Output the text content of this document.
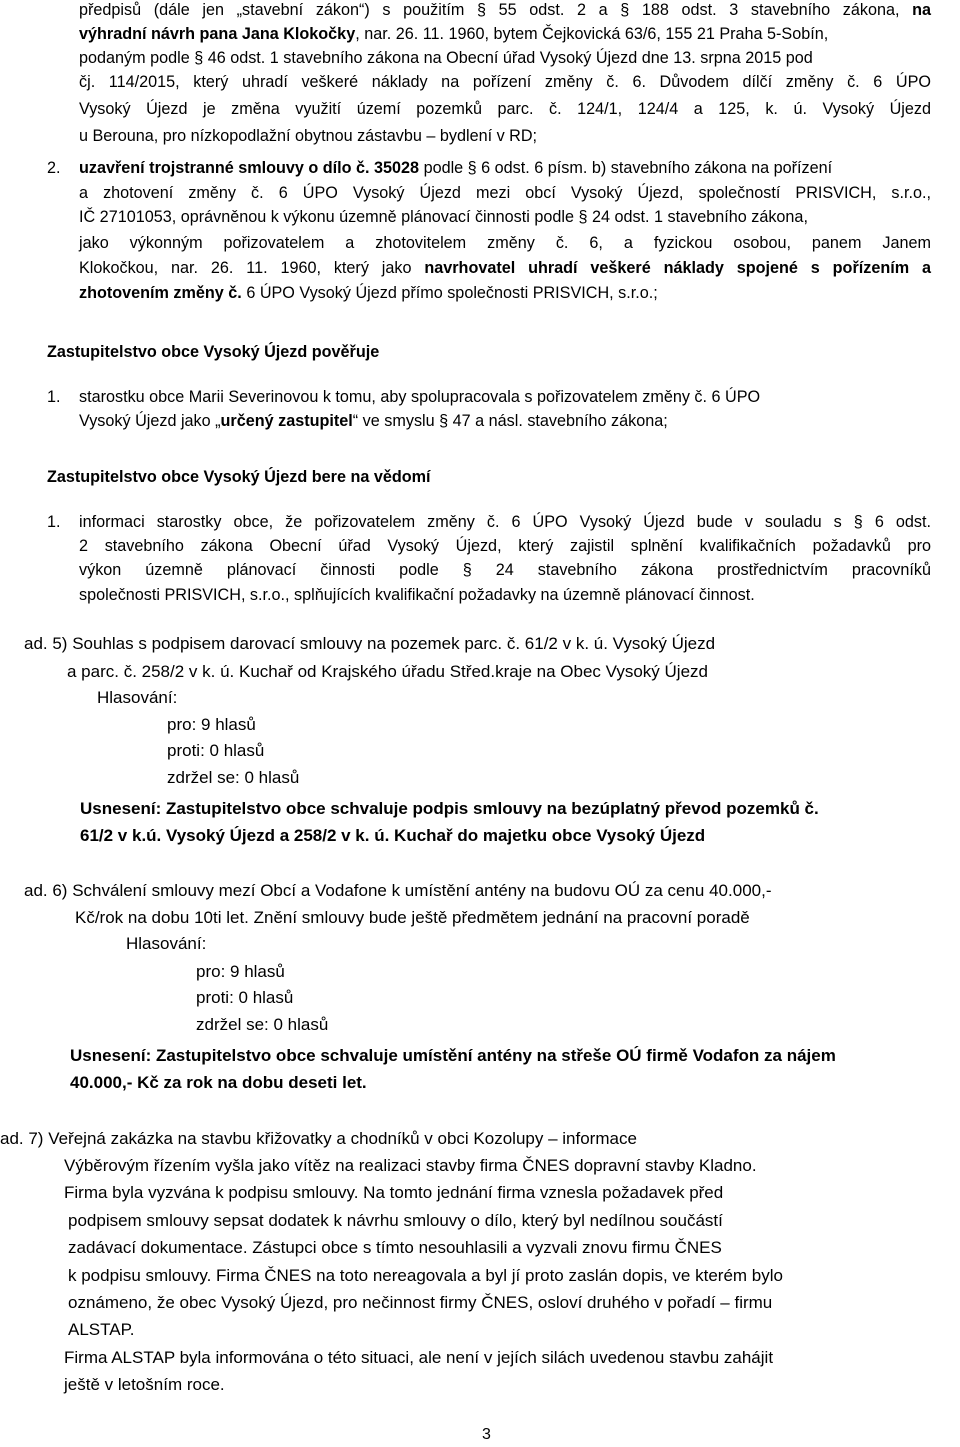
předpisů (dále jen „stavební zákon“) s použitím § 55 odst. 2 a § 188 odst. 3 stavebního zákona, na
výhradní návrh pana Jana Klokočky, nar. 26. 11. 1960, bytem Čejkovická 63/6, 155 21 Praha 5-Sobín,
podaným podle § 46 odst. 1 stavebního zákona na Obecní úřad Vysoký Újezd dne 13. srpna 2015 pod
čj. 114/2015, který uhradí veškeré náklady na pořízení změny č. 6. Důvodem dílčí změny č. 6 ÚPO
Vysoký Újezd je změna využití území pozemků parc. č. 124/1, 124/4 a 125, k. ú. Vysoký Újezd
u Berouna, pro nízkopodlažní obytnou zástavbu – bydlení v RD;
2. uzavření trojstranné smlouvy o dílo č. 35028 podle § 6 odst. 6 písm. b) stavebního zákona na pořízení
a zhotovení změny č. 6 ÚPO Vysoký Újezd mezi obcí Vysoký Újezd, společností PRISVICH, s.r.o.,
IČ 27101053, oprávněnou k výkonu územně plánovací činnosti podle § 24 odst. 1 stavebního zákona,
jako výkonným pořizovatelem a zhotovitelem změny č. 6, a fyzickou osobou, panem Janem
Klokočkou, nar. 26. 11. 1960, který jako navrhovatel uhradí veškeré náklady spojené s pořízením a
zhotovením změny č. 6 ÚPO Vysoký Újezd přímo společnosti PRISVICH, s.r.o.;
Zastupitelstvo obce Vysoký Újezd pověřuje
1. starostku obce Marii Severinovou k tomu, aby spolupracovala s pořizovatelem změny č. 6 ÚPO
Vysoký Újezd jako „určený zastupitel“ ve smyslu § 47 a násl. stavebního zákona;
Zastupitelstvo obce Vysoký Újezd bere na vědomí
1. informaci starostky obce, že pořizovatelem změny č. 6 ÚPO Vysoký Újezd bude v souladu s § 6 odst.
2 stavebního zákona Obecní úřad Vysoký Újezd, který zajistil splnění kvalifikačních požadavků pro
výkon územně plánovací činnosti podle § 24 stavebního zákona prostřednictvím pracovníků
společnosti PRISVICH, s.r.o., splňujících kvalifikační požadavky na územně plánovací činnost.
ad. 5) Souhlas s podpisem darovací smlouvy na pozemek parc. č. 61/2 v k. ú. Vysoký Újezd
a parc. č. 258/2 v k. ú. Kuchař od Krajského úřadu Střed.kraje na Obec Vysoký Újezd
Hlasování:
pro: 9 hlasů
proti: 0 hlasů
zdržel se: 0 hlasů
Usnesení: Zastupitelstvo obce schvaluje podpis smlouvy na bezúplatný převod pozemků č.
61/2 v k.ú. Vysoký Újezd a 258/2 v k. ú. Kuchař do majetku obce Vysoký Újezd
ad. 6) Schválení smlouvy mezí Obcí a Vodafone k umístění antény na budovu OÚ za cenu 40.000,-
Kč/rok na dobu 10ti let. Znění smlouvy bude ještě předmětem jednání na pracovní poradě
Hlasování:
pro: 9 hlasů
proti: 0 hlasů
zdržel se: 0 hlasů
Usnesení: Zastupitelstvo obce schvaluje umístění antény na střeše OÚ firmě Vodafon za nájem
40.000,- Kč za rok na dobu deseti let.
ad. 7) Veřejná zakázka na stavbu křižovatky a chodníků v obci Kozolupy – informace
Výběrovým řízením vyšla jako vítěz na realizaci stavby firma ČNES dopravní stavby Kladno.
Firma byla vyzvána k podpisu smlouvy. Na tomto jednání firma vznesla požadavek před
podpisem smlouvy sepsat dodatek k návrhu smlouvy o dílo, který byl nedílnou součástí
zadávací dokumentace. Zástupci obce s tímto nesouhlasili a vyzvali znovu firmu ČNES
k podpisu smlouvy. Firma ČNES na toto nereagovala a byl jí proto zaslán dopis, ve kterém bylo
oznámeno, že obec Vysoký Újezd, pro nečinnost firmy ČNES, osloví druhého v pořadí – firmu
ALSTAP.
Firma ALSTAP byla informována o této situaci, ale není v jejích silách uvedenou stavbu zahájit
ještě v letošním roce.
3
